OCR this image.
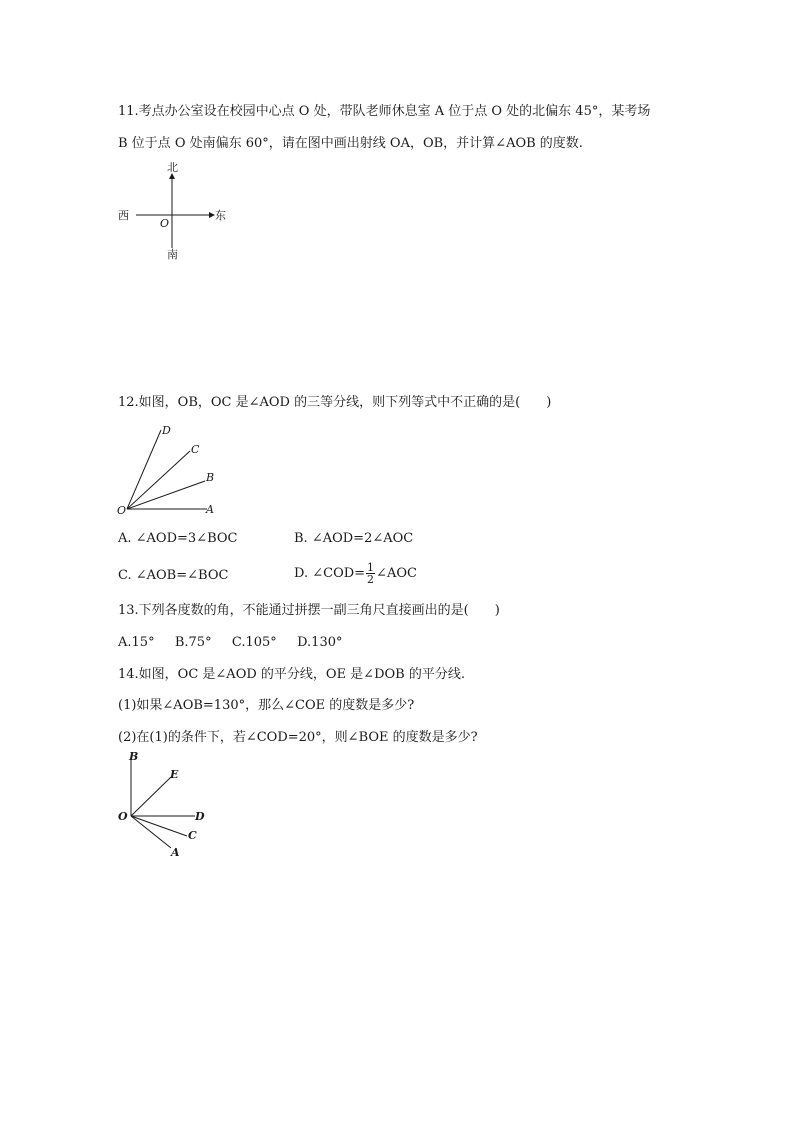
11.考点办公室设在校园中心点 O 处，带队老师休息室 A 位于点 O 处的北偏东 45°，某考场
B 位于点 O 处南偏东 60°，请在图中画出射线 OA，OB，并计算∠AOB 的度数.
北
西	东
南
O
12.如图，OB，OC 是∠AOD 的三等分线，则下列等式中不正确的是(　　)
O	A
B
C
D
A. ∠AOD=3∠BOC	B. ∠AOD=2∠AOC
C. ∠AOB=∠BOC	D. ∠COD= $\frac{1}{2}$ ∠AOC
13.下列各度数的角，不能通过拼摆一副三角尺直接画出的是(　　)
A.15° B.75° C.105° D.130°
14.如图，OC 是∠AOD 的平分线，OE 是∠DOB 的平分线.
(1)如果∠AOB=130°，那么∠COE 的度数是多少?
(2)在(1)的条件下，若∠COD=20°，则∠BOE 的度数是多少?
O
B
E
D
C
A
